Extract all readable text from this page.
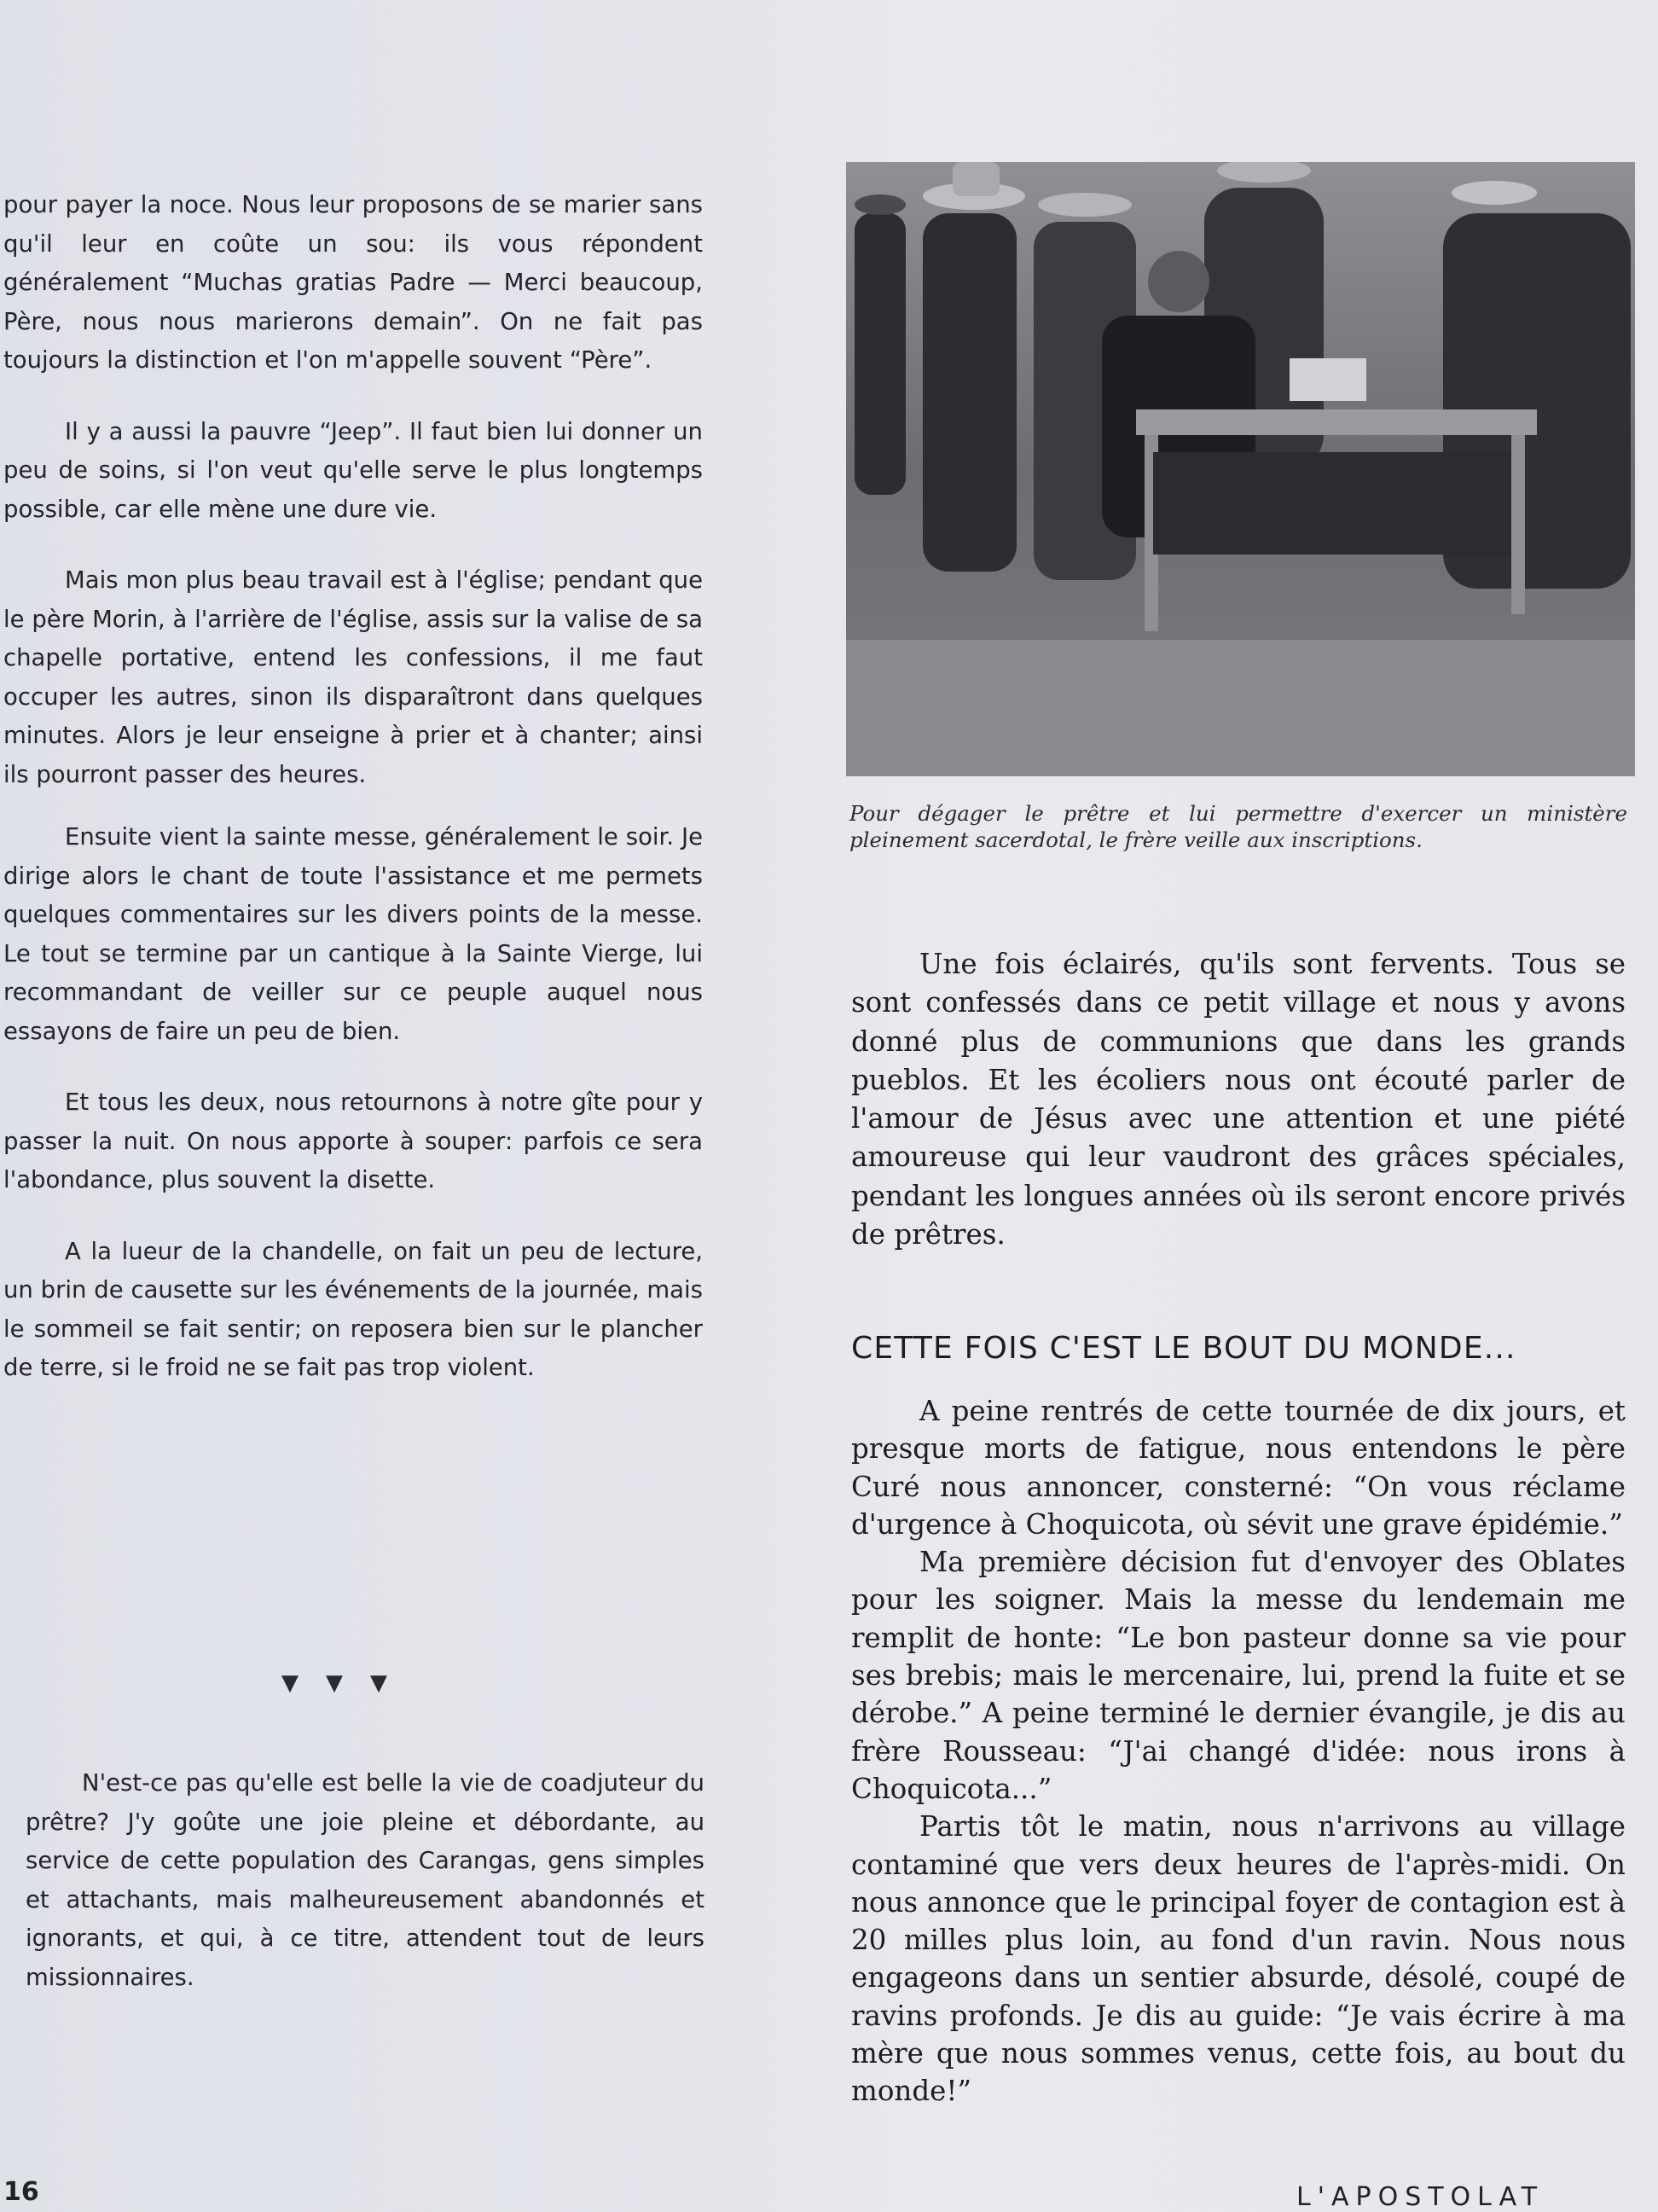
pour payer la noce. Nous leur proposons de se marier sans qu'il leur en coûte un sou: ils vous répondent généralement “Muchas gratias Padre — Merci beaucoup, Père, nous nous marierons demain”. On ne fait pas toujours la distinction et l'on m'appelle souvent “Père”.

Il y a aussi la pauvre “Jeep”. Il faut bien lui donner un peu de soins, si l'on veut qu'elle serve le plus longtemps possible, car elle mène une dure vie.

Mais mon plus beau travail est à l'église; pendant que le père Morin, à l'arrière de l'église, assis sur la valise de sa chapelle portative, entend les confessions, il me faut occuper les autres, sinon ils disparaîtront dans quelques minutes. Alors je leur enseigne à prier et à chanter; ainsi ils pourront passer des heures.

Ensuite vient la sainte messe, généralement le soir. Je dirige alors le chant de toute l'assistance et me permets quelques commentaires sur les divers points de la messe. Le tout se termine par un cantique à la Sainte Vierge, lui recommandant de veiller sur ce peuple auquel nous essayons de faire un peu de bien.

Et tous les deux, nous retournons à notre gîte pour y passer la nuit. On nous apporte à souper: parfois ce sera l'abondance, plus souvent la disette.

A la lueur de la chandelle, on fait un peu de lecture, un brin de causette sur les événements de la journée, mais le sommeil se fait sentir; on reposera bien sur le plancher de terre, si le froid ne se fait pas trop violent.

▼ ▼ ▼

N'est-ce pas qu'elle est belle la vie de coadjuteur du prêtre? J'y goûte une joie pleine et débordante, au service de cette population des Carangas, gens simples et attachants, mais malheureusement abandonnés et ignorants, et qui, à ce titre, attendent tout de leurs missionnaires.

Pour dégager le prêtre et lui permettre d'exercer un ministère pleinement sacerdotal, le frère veille aux inscriptions.

Une fois éclairés, qu'ils sont fervents. Tous se sont confessés dans ce petit village et nous y avons donné plus de communions que dans les grands pueblos. Et les écoliers nous ont écouté parler de l'amour de Jésus avec une attention et une piété amoureuse qui leur vaudront des grâces spéciales, pendant les longues années où ils seront encore privés de prêtres.

CETTE FOIS C'EST LE BOUT DU MONDE...

A peine rentrés de cette tournée de dix jours, et presque morts de fatigue, nous entendons le père Curé nous annoncer, consterné: “On vous réclame d'urgence à Choquicota, où sévit une grave épidémie.”

Ma première décision fut d'envoyer des Oblates pour les soigner. Mais la messe du lendemain me remplit de honte: “Le bon pasteur donne sa vie pour ses brebis; mais le mercenaire, lui, prend la fuite et se dérobe.” A peine terminé le dernier évangile, je dis au frère Rousseau: “J'ai changé d'idée: nous irons à Choquicota...”

Partis tôt le matin, nous n'arrivons au village contaminé que vers deux heures de l'après-midi. On nous annonce que le principal foyer de contagion est à 20 milles plus loin, au fond d'un ravin. Nous nous engageons dans un sentier absurde, désolé, coupé de ravins profonds. Je dis au guide: “Je vais écrire à ma mère que nous sommes venus, cette fois, au bout du monde!”

16	L'APOSTOLAT
